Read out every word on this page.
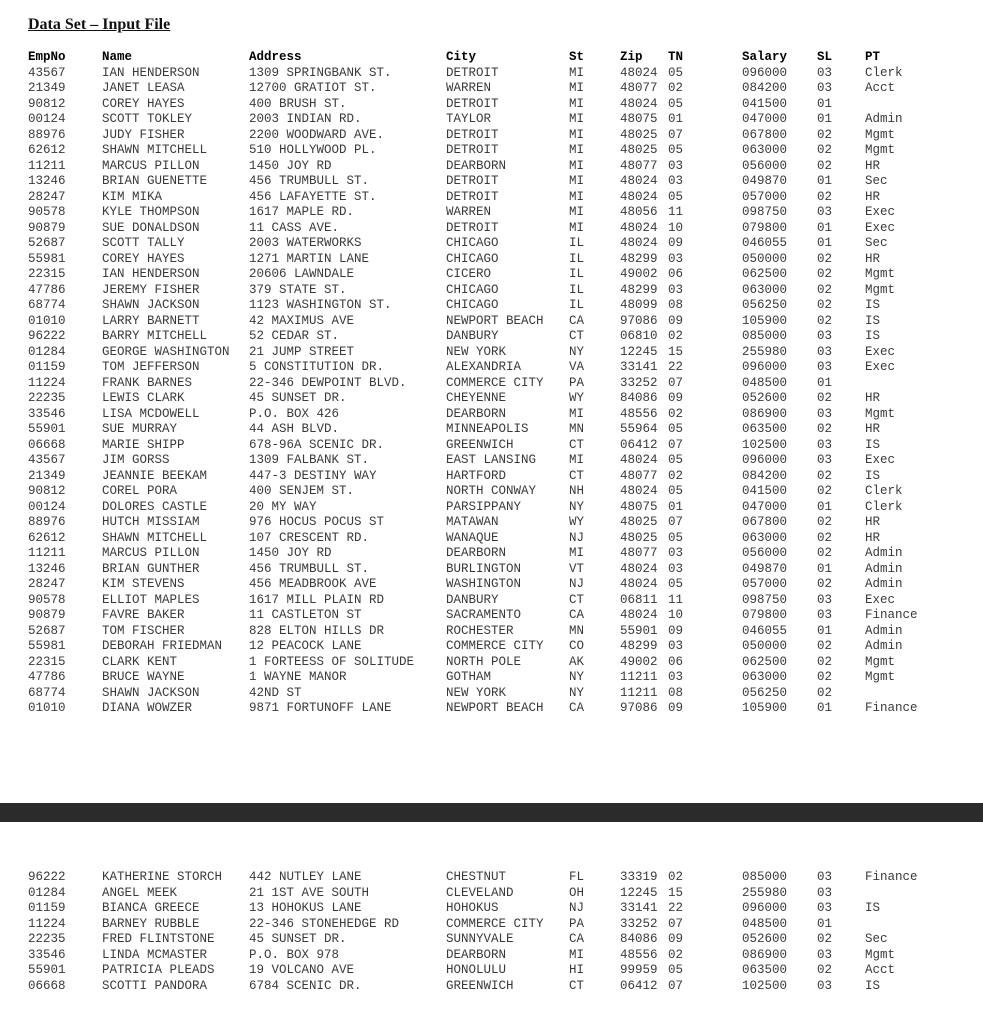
Data Set – Input File
EmpNo	Name	Address	City	St	Zip TN	Salary SL	PT
43567	IAN HENDERSON	1309 SPRINGBANK ST.	DETROIT	MI	48024 05	096000 03	Clerk
21349	JANET LEASA	12700 GRATIOT ST.	WARREN	MI	48077 02	084200 03	Acct
90812	COREY HAYES	400 BRUSH ST.	DETROIT	MI	48024 05	041500 01
00124	SCOTT TOKLEY	2003 INDIAN RD.	TAYLOR	MI	48075 01	047000 01	Admin
88976	JUDY FISHER	2200 WOODWARD AVE.	DETROIT	MI	48025 07	067800 02	Mgmt
62612	SHAWN MITCHELL	510 HOLLYWOOD PL.	DETROIT	MI	48025 05	063000 02	Mgmt
11211	MARCUS PILLON	1450 JOY RD	DEARBORN	MI	48077 03	056000 02	HR
13246	BRIAN GUENETTE	456 TRUMBULL ST.	DETROIT	MI	48024 03	049870 01	Sec
28247	KIM MIKA	456 LAFAYETTE ST.	DETROIT	MI	48024 05	057000 02	HR
90578	KYLE THOMPSON	1617 MAPLE RD.	WARREN	MI	48056 11	098750 03	Exec
90879	SUE DONALDSON	11 CASS AVE.	DETROIT	MI	48024 10	079800 01	Exec
52687	SCOTT TALLY	2003 WATERWORKS	CHICAGO	IL	48024 09	046055 01	Sec
55981	COREY HAYES	1271 MARTIN LANE	CHICAGO	IL	48299 03	050000 02	HR
22315	IAN HENDERSON	20606 LAWNDALE	CICERO	IL	49002 06	062500 02	Mgmt
47786	JEREMY FISHER	379 STATE ST.	CHICAGO	IL	48299 03	063000 02	Mgmt
68774	SHAWN JACKSON	1123 WASHINGTON ST.	CHICAGO	IL	48099 08	056250 02	IS
01010	LARRY BARNETT	42 MAXIMUS AVE	NEWPORT BEACH CA	97086 09	105900 02	IS
96222	BARRY MITCHELL	52 CEDAR ST.	DANBURY	CT	06810 02	085000 03	IS
01284	GEORGE WASHINGTON 21 JUMP STREET	NEW YORK	NY	12245 15	255980 03	Exec
01159	TOM JEFFERSON	5 CONSTITUTION DR.	ALEXANDRIA	VA	33141 22	096000 03	Exec
11224	FRANK BARNES	22-346 DEWPOINT BLVD.	COMMERCE CITY PA	33252 07	048500 01
22235	LEWIS CLARK	45 SUNSET DR.	CHEYENNE	WY	84086 09	052600 02	HR
33546	LISA MCDOWELL	P.O. BOX 426	DEARBORN	MI	48556 02	086900 03	Mgmt
55901	SUE MURRAY	44 ASH BLVD.	MINNEAPOLIS	MN	55964 05	063500 02	HR
06668	MARIE SHIPP	678-96A SCENIC DR.	GREENWICH	CT	06412 07	102500 03	IS
43567	JIM GORSS	1309 FALBANK ST.	EAST LANSING	MI	48024 05	096000 03	Exec
21349	JEANNIE BEEKAM	447-3 DESTINY WAY	HARTFORD	CT	48077 02	084200 02	IS
90812	COREL PORA	400 SENJEM ST.	NORTH CONWAY	NH	48024 05	041500 02	Clerk
00124	DOLORES CASTLE	20 MY WAY	PARSIPPANY	NY	48075 01	047000 01	Clerk
88976	HUTCH MISSIAM	976 HOCUS POCUS ST	MATAWAN	WY	48025 07	067800 02	HR
62612	SHAWN MITCHELL	107 CRESCENT RD.	WANAQUE	NJ	48025 05	063000 02	HR
11211	MARCUS PILLON	1450 JOY RD	DEARBORN	MI	48077 03	056000 02	Admin
13246	BRIAN GUNTHER	456 TRUMBULL ST.	BURLINGTON	VT	48024 03	049870 01	Admin
28247	KIM STEVENS	456 MEADBROOK AVE	WASHINGTON	NJ	48024 05	057000 02	Admin
90578	ELLIOT MAPLES	1617 MILL PLAIN RD	DANBURY	CT	06811 11	098750 03	Exec
90879	FAVRE BAKER	11 CASTLETON ST	SACRAMENTO	CA	48024 10	079800 03	Finance
52687	TOM FISCHER	828 ELTON HILLS DR	ROCHESTER	MN	55901 09	046055 01	Admin
55981	DEBORAH FRIEDMAN 12 PEACOCK LANE	COMMERCE CITY CO	48299 03	050000 02	Admin
22315	CLARK KENT	1 FORTEESS OF SOLITUDE	NORTH POLE	AK	49002 06	062500 02	Mgmt
47786	BRUCE WAYNE	1 WAYNE MANOR	GOTHAM	NY	11211 03	063000 02	Mgmt
68774	SHAWN JACKSON	42ND ST	NEW YORK	NY	11211 08	056250 02
01010	DIANA WOWZER	9871 FORTUNOFF LANE	NEWPORT BEACH CA	97086 09	105900 01	Finance
96222	KATHERINE STORCH 442 NUTLEY LANE	CHESTNUT	FL	33319 02	085000 03	Finance
01284	ANGEL MEEK	21 1ST AVE SOUTH	CLEVELAND	OH	12245 15	255980 03
01159	BIANCA GREECE	13 HOHOKUS LANE	HOHOKUS	NJ	33141 22	096000 03	IS
11224	BARNEY RUBBLE	22-346 STONEHEDGE RD	COMMERCE CITY PA	33252 07	048500 01
22235	FRED FLINTSTONE	45 SUNSET DR.	SUNNYVALE	CA	84086 09	052600 02	Sec
33546	LINDA MCMASTER	P.O. BOX 978	DEARBORN	MI	48556 02	086900 03	Mgmt
55901	PATRICIA PLEADS	19 VOLCANO AVE	HONOLULU	HI	99959 05	063500 02	Acct
06668	SCOTTI PANDORA	6784 SCENIC DR.	GREENWICH	CT	06412 07	102500 03	IS
